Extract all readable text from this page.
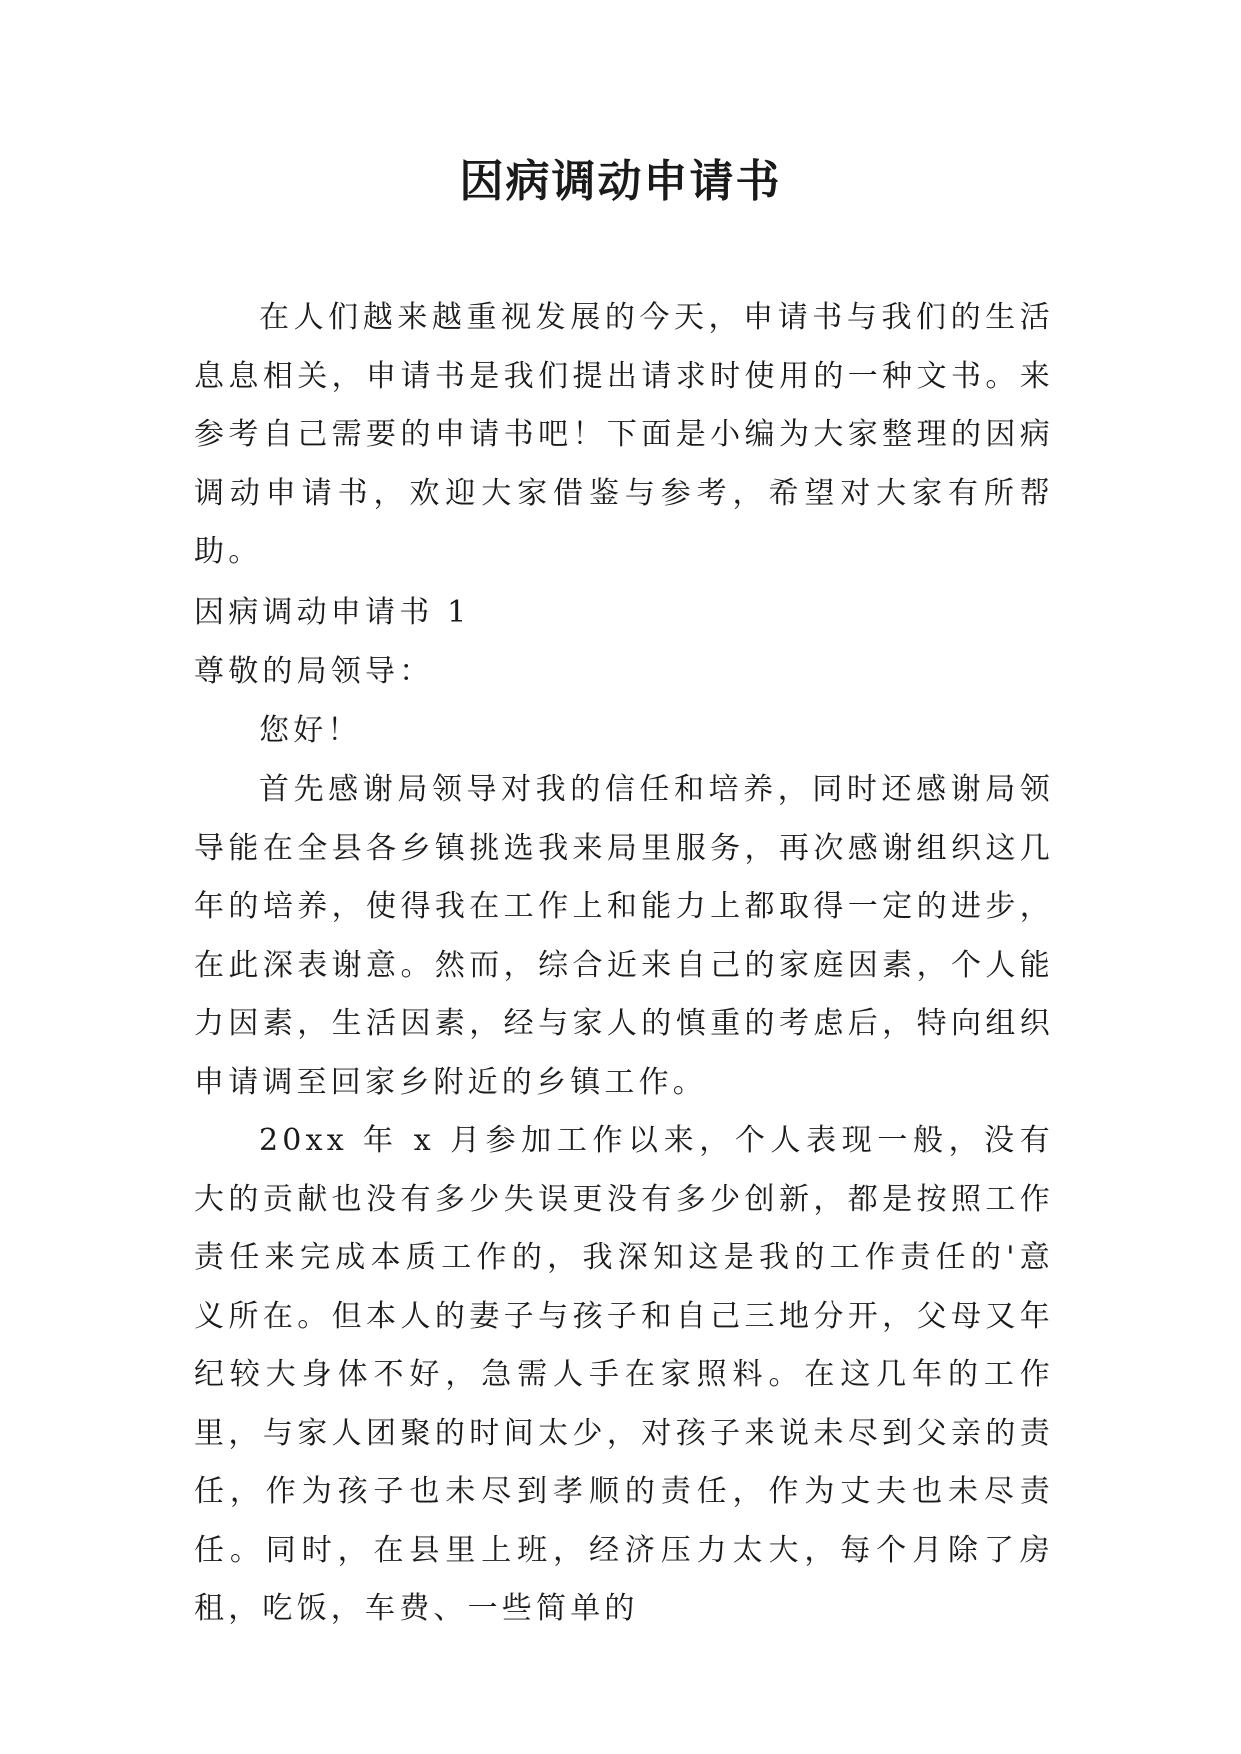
因病调动申请书

在人们越来越重视发展的今天，申请书与我们的生活息息相关，申请书是我们提出请求时使用的一种文书。来参考自己需要的申请书吧！下面是小编为大家整理的因病调动申请书，欢迎大家借鉴与参考，希望对大家有所帮助。

因病调动申请书 1

尊敬的局领导：

您好！

首先感谢局领导对我的信任和培养，同时还感谢局领导能在全县各乡镇挑选我来局里服务，再次感谢组织这几年的培养，使得我在工作上和能力上都取得一定的进步，在此深表谢意。然而，综合近来自己的家庭因素，个人能力因素，生活因素，经与家人的慎重的考虑后，特向组织申请调至回家乡附近的乡镇工作。

20xx 年 x 月参加工作以来，个人表现一般，没有大的贡献也没有多少失误更没有多少创新，都是按照工作责任来完成本质工作的，我深知这是我的工作责任的'意义所在。但本人的妻子与孩子和自己三地分开，父母又年纪较大身体不好，急需人手在家照料。在这几年的工作里，与家人团聚的时间太少，对孩子来说未尽到父亲的责任，作为孩子也未尽到孝顺的责任，作为丈夫也未尽责任。同时，在县里上班，经济压力太大，每个月除了房租，吃饭，车费、一些简单的
